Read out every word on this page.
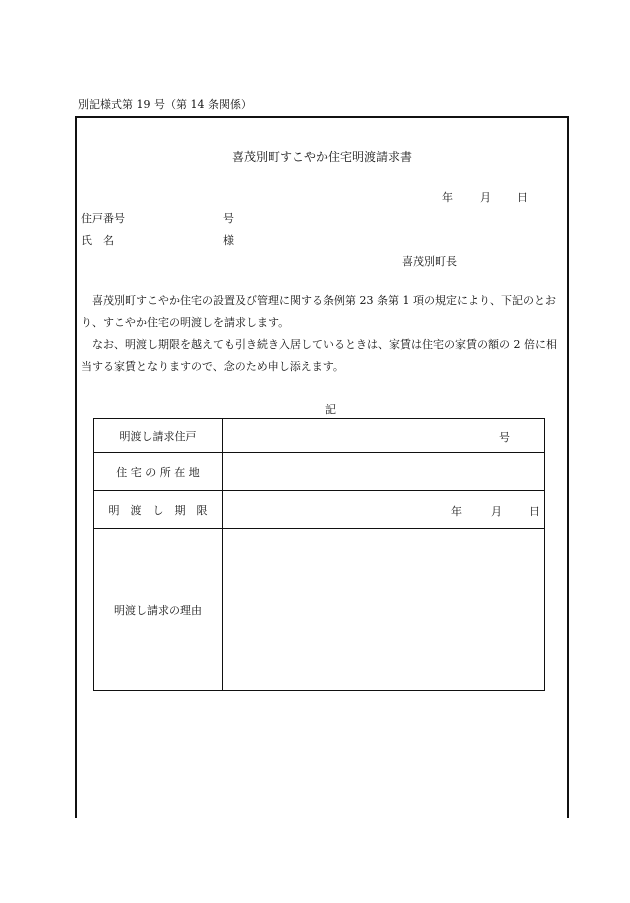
別記様式第 19 号（第 14 条関係）
喜茂別町すこやか住宅明渡請求書
年 月 日
住戸番号	号
氏　名	様
喜茂別町長
喜茂別町すこやか住宅の設置及び管理に関する条例第 23 条第 1 項の規定により、下記のとおり、すこやか住宅の明渡しを請求します。
なお、明渡し期限を越えても引き続き入居しているときは、家賃は住宅の家賃の額の 2 倍に相当する家賃となりますので、念のため申し添えます。
記
明渡し請求住戸	号

住 宅 の 所 在 地	
明　渡　し　期　限	年 月 日

明渡し請求の理由	
